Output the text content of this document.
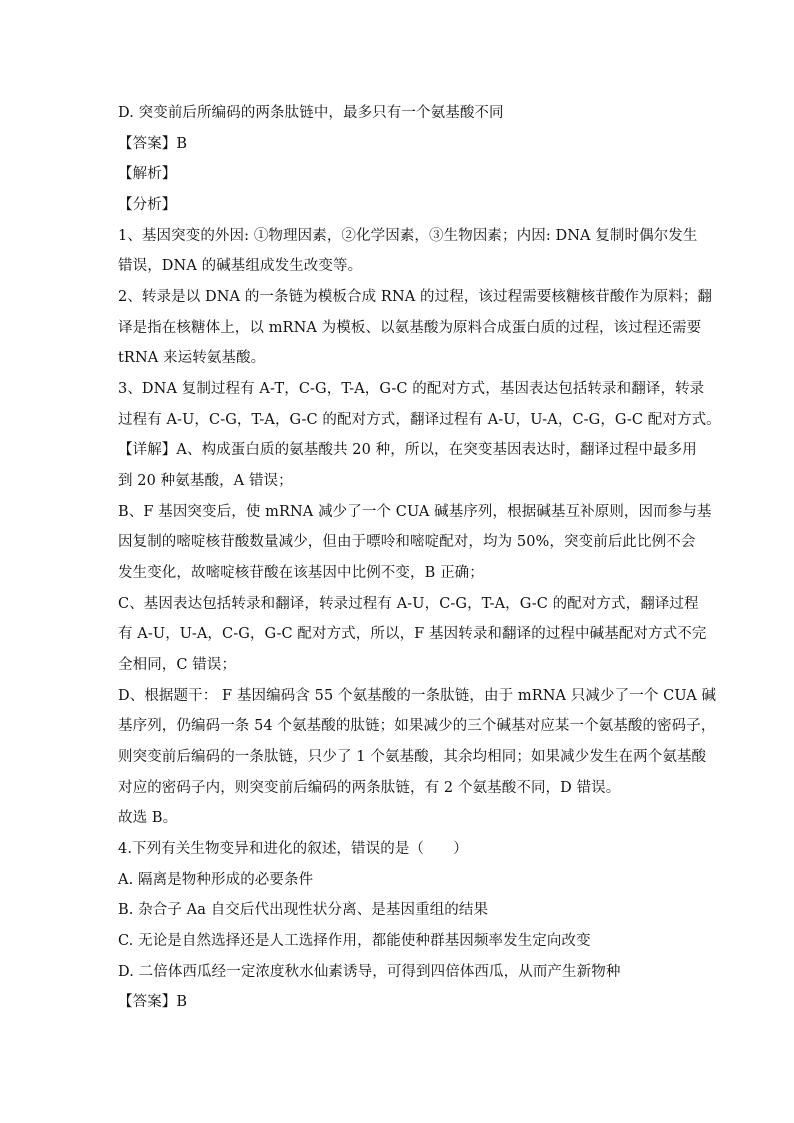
D. 突变前后所编码的两条肽链中，最多只有一个氨基酸不同
【答案】B
【解析】
【分析】
1、基因突变的外因: ①物理因素，②化学因素，③生物因素；内因: DNA 复制时偶尔发生
错误，DNA 的碱基组成发生改变等。
2、转录是以 DNA 的一条链为模板合成 RNA 的过程，该过程需要核糖核苷酸作为原料；翻
译是指在核糖体上，以 mRNA 为模板、以氨基酸为原料合成蛋白质的过程，该过程还需要
tRNA 来运转氨基酸。
3、DNA 复制过程有 A-T，C-G，T-A，G-C 的配对方式，基因表达包括转录和翻译，转录
过程有 A-U，C-G，T-A，G-C 的配对方式，翻译过程有 A-U，U-A，C-G，G-C 配对方式。
【详解】A、构成蛋白质的氨基酸共 20 种，所以，在突变基因表达时，翻译过程中最多用
到 20 种氨基酸，A 错误；
B、F 基因突变后，使 mRNA 减少了一个 CUA 碱基序列，根据碱基互补原则，因而参与基
因复制的嘧啶核苷酸数量减少，但由于嘌呤和嘧啶配对，均为 50%，突变前后此比例不会
发生变化，故嘧啶核苷酸在该基因中比例不变，B 正确；
C、基因表达包括转录和翻译，转录过程有 A-U，C-G，T-A，G-C 的配对方式，翻译过程
有 A-U，U-A，C-G，G-C 配对方式，所以，F 基因转录和翻译的过程中碱基配对方式不完
全相同，C 错误；
D、根据题干： F 基因编码含 55 个氨基酸的一条肽链，由于 mRNA 只减少了一个 CUA 碱
基序列，仍编码一条 54 个氨基酸的肽链；如果减少的三个碱基对应某一个氨基酸的密码子，
则突变前后编码的一条肽链，只少了 1 个氨基酸，其余均相同；如果减少发生在两个氨基酸
对应的密码子内，则突变前后编码的两条肽链，有 2 个氨基酸不同，D 错误。
故选 B。
4.下列有关生物变异和进化的叙述，错误的是（　　）
A. 隔离是物种形成的必要条件
B. 杂合子 Aa 自交后代出现性状分离、是基因重组的结果
C. 无论是自然选择还是人工选择作用，都能使种群基因频率发生定向改变
D. 二倍体西瓜经一定浓度秋水仙素诱导，可得到四倍体西瓜，从而产生新物种
【答案】B
